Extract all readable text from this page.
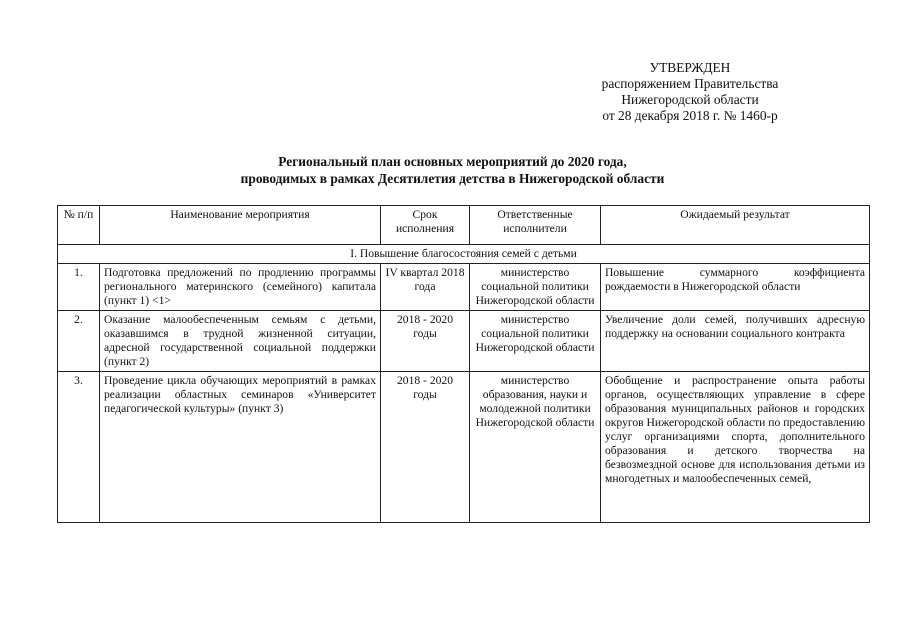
УТВЕРЖДЕН
распоряжением Правительства
Нижегородской области
от 28 декабря 2018 г. № 1460-р
Региональный план основных мероприятий до 2020 года,
проводимых в рамках Десятилетия детства в Нижегородской области
№ п/п	Наименование мероприятия	Срок исполнения	Ответственные исполнители	Ожидаемый результат
I. Повышение благосостояния семей с детьми				
1.	Подготовка предложений по продлению программы регионального материнского (семейного) капитала (пункт 1) <1>	IV квартал 2018 года	министерство социальной политики Нижегородской области	Повышение суммарного коэффициента рождаемости в Нижегородской области
2.	Оказание малообеспеченным семьям с детьми, оказавшимся в трудной жизненной ситуации, адресной государственной социальной поддержки (пункт 2)	2018 - 2020 годы	министерство социальной политики Нижегородской области	Увеличение доли семей, получивших адресную поддержку на основании социального контракта
3.	Проведение цикла обучающих мероприятий в рамках реализации областных семинаров «Университет педагогической культуры» (пункт 3)	2018 - 2020 годы	министерство образования, науки и молодежной политики Нижегородской области	Обобщение и распространение опыта работы органов, осуществляющих управление в сфере образования муниципальных районов и городских округов Нижегородской области по предоставлению услуг организациями спорта, дополнительного образования и детского творчества на безвозмездной основе для использования детьми из многодетных и малообеспеченных семей,
